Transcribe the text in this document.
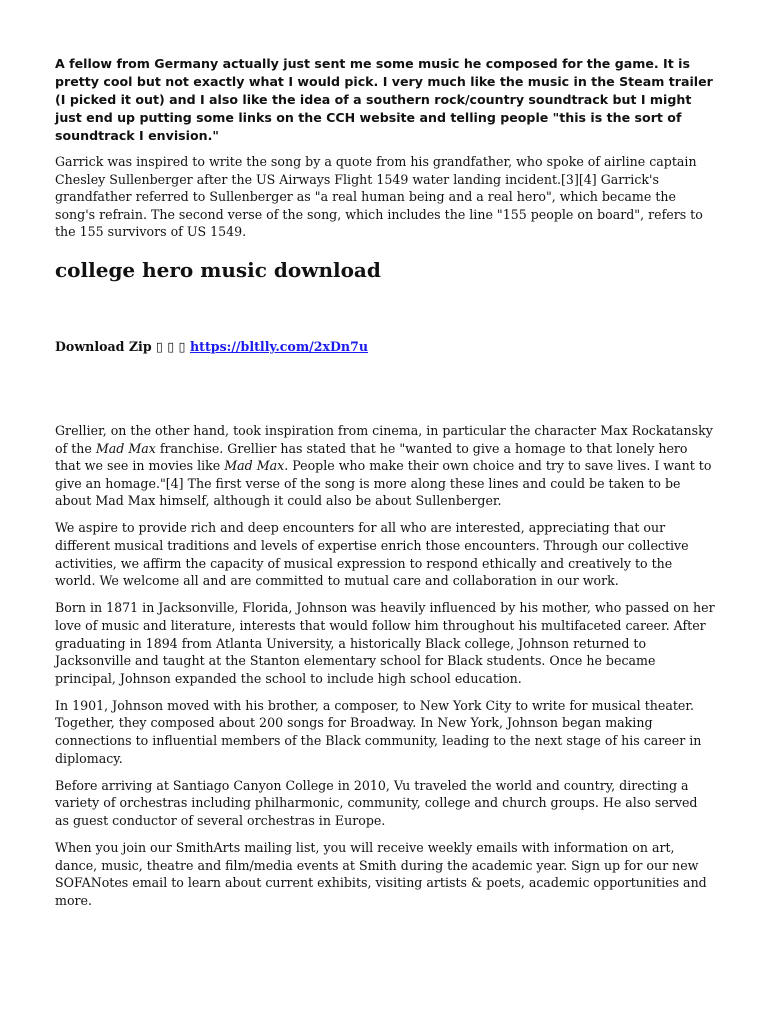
A fellow from Germany actually just sent me some music he composed for the game. It is pretty cool but not exactly what I would pick. I very much like the music in the Steam trailer (I picked it out) and I also like the idea of a southern rock/country soundtrack but I might just end up putting some links on the CCH website and telling people "this is the sort of soundtrack I envision."

Garrick was inspired to write the song by a quote from his grandfather, who spoke of airline captain Chesley Sullenberger after the US Airways Flight 1549 water landing incident.[3][4] Garrick's grandfather referred to Sullenberger as "a real human being and a real hero", which became the song's refrain. The second verse of the song, which includes the line "155 people on board", refers to the 155 survivors of US 1549.

college hero music download
Download Zip ▯ ▯ ▯ https://bltlly.com/2xDn7u

Grellier, on the other hand, took inspiration from cinema, in particular the character Max Rockatansky of the Mad Max franchise. Grellier has stated that he "wanted to give a homage to that lonely hero that we see in movies like Mad Max. People who make their own choice and try to save lives. I want to give an homage."[4] The first verse of the song is more along these lines and could be taken to be about Mad Max himself, although it could also be about Sullenberger.

We aspire to provide rich and deep encounters for all who are interested, appreciating that our different musical traditions and levels of expertise enrich those encounters. Through our collective activities, we affirm the capacity of musical expression to respond ethically and creatively to the world. We welcome all and are committed to mutual care and collaboration in our work.

Born in 1871 in Jacksonville, Florida, Johnson was heavily influenced by his mother, who passed on her love of music and literature, interests that would follow him throughout his multifaceted career. After graduating in 1894 from Atlanta University, a historically Black college, Johnson returned to Jacksonville and taught at the Stanton elementary school for Black students. Once he became principal, Johnson expanded the school to include high school education.

In 1901, Johnson moved with his brother, a composer, to New York City to write for musical theater. Together, they composed about 200 songs for Broadway. In New York, Johnson began making connections to influential members of the Black community, leading to the next stage of his career in diplomacy.

Before arriving at Santiago Canyon College in 2010, Vu traveled the world and country, directing a variety of orchestras including philharmonic, community, college and church groups. He also served as guest conductor of several orchestras in Europe.

When you join our SmithArts mailing list, you will receive weekly emails with information on art, dance, music, theatre and film/media events at Smith during the academic year. Sign up for our new SOFANotes email to learn about current exhibits, visiting artists & poets, academic opportunities and more.
